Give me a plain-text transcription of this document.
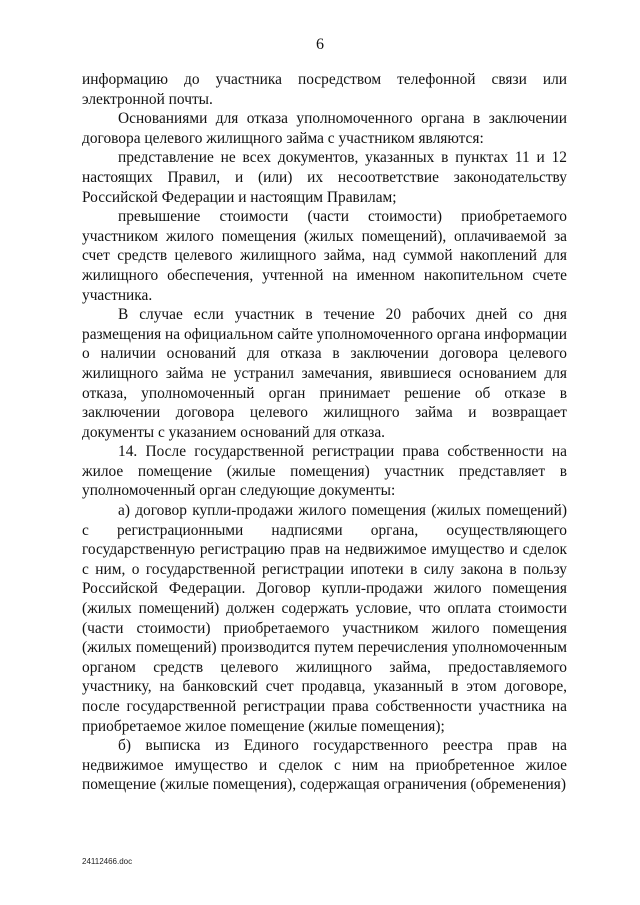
6

информацию до участника посредством телефонной связи или электронной почты.

Основаниями для отказа уполномоченного органа в заключении договора целевого жилищного займа с участником являются:

представление не всех документов, указанных в пунктах 11 и 12 настоящих Правил, и (или) их несоответствие законодательству Российской Федерации и настоящим Правилам;

превышение стоимости (части стоимости) приобретаемого участником жилого помещения (жилых помещений), оплачиваемой за счет средств целевого жилищного займа, над суммой накоплений для жилищного обеспечения, учтенной на именном накопительном счете участника.

В случае если участник в течение 20 рабочих дней со дня размещения на официальном сайте уполномоченного органа информации о наличии оснований для отказа в заключении договора целевого жилищного займа не устранил замечания, явившиеся основанием для отказа, уполномоченный орган принимает решение об отказе в заключении договора целевого жилищного займа и возвращает документы с указанием оснований для отказа.

14. После государственной регистрации права собственности на жилое помещение (жилые помещения) участник представляет в уполномоченный орган следующие документы:

а) договор купли-продажи жилого помещения (жилых помещений) с регистрационными надписями органа, осуществляющего государственную регистрацию прав на недвижимое имущество и сделок с ним, о государственной регистрации ипотеки в силу закона в пользу Российской Федерации. Договор купли-продажи жилого помещения (жилых помещений) должен содержать условие, что оплата стоимости (части стоимости) приобретаемого участником жилого помещения (жилых помещений) производится путем перечисления уполномоченным органом средств целевого жилищного займа, предоставляемого участнику, на банковский счет продавца, указанный в этом договоре, после государственной регистрации права собственности участника на приобретаемое жилое помещение (жилые помещения);

б) выписка из Единого государственного реестра прав на недвижимое имущество и сделок с ним на приобретенное жилое помещение (жилые помещения), содержащая ограничения (обременения)

24112466.doc
